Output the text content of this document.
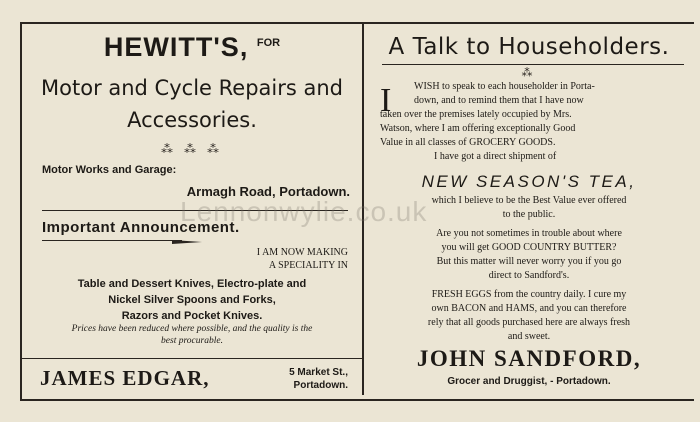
HEWITT'S, $^{FOR}$
Motor and Cycle Repairs and
Accessories.
⁂ ⁂ ⁂
Motor Works and Garage:
Armagh Road, Portadown.
Important Announcement.
I AM NOW MAKING
A SPECIALITY IN
Table and Dessert Knives, Electro-plate and
Nickel Silver Spoons and Forks,
Razors and Pocket Knives.
Prices have been reduced where possible, and the quality is the
best procurable.
JAMES EDGAR,	5 Market St.,
Portadown.
A Talk to Householders.
⁂
I WISH to speak to each householder in Porta-
down, and to remind them that I have now
taken over the premises lately occupied by Mrs.
Watson, where I am offering exceptionally Good
Value in all classes of GROCERY GOODS.
I have got a direct shipment of
NEW SEASON'S TEA,
which I believe to be the Best Value ever offered
to the public.
Are you not sometimes in trouble about where
you will get GOOD COUNTRY BUTTER?
But this matter will never worry you if you go
direct to Sandford's.
FRESH EGGS from the country daily. I cure my
own BACON and HAMS, and you can therefore
rely that all goods purchased here are always fresh
and sweet.
JOHN SANDFORD,
Grocer and Druggist, - Portadown.
Lennonwylie.co.uk
